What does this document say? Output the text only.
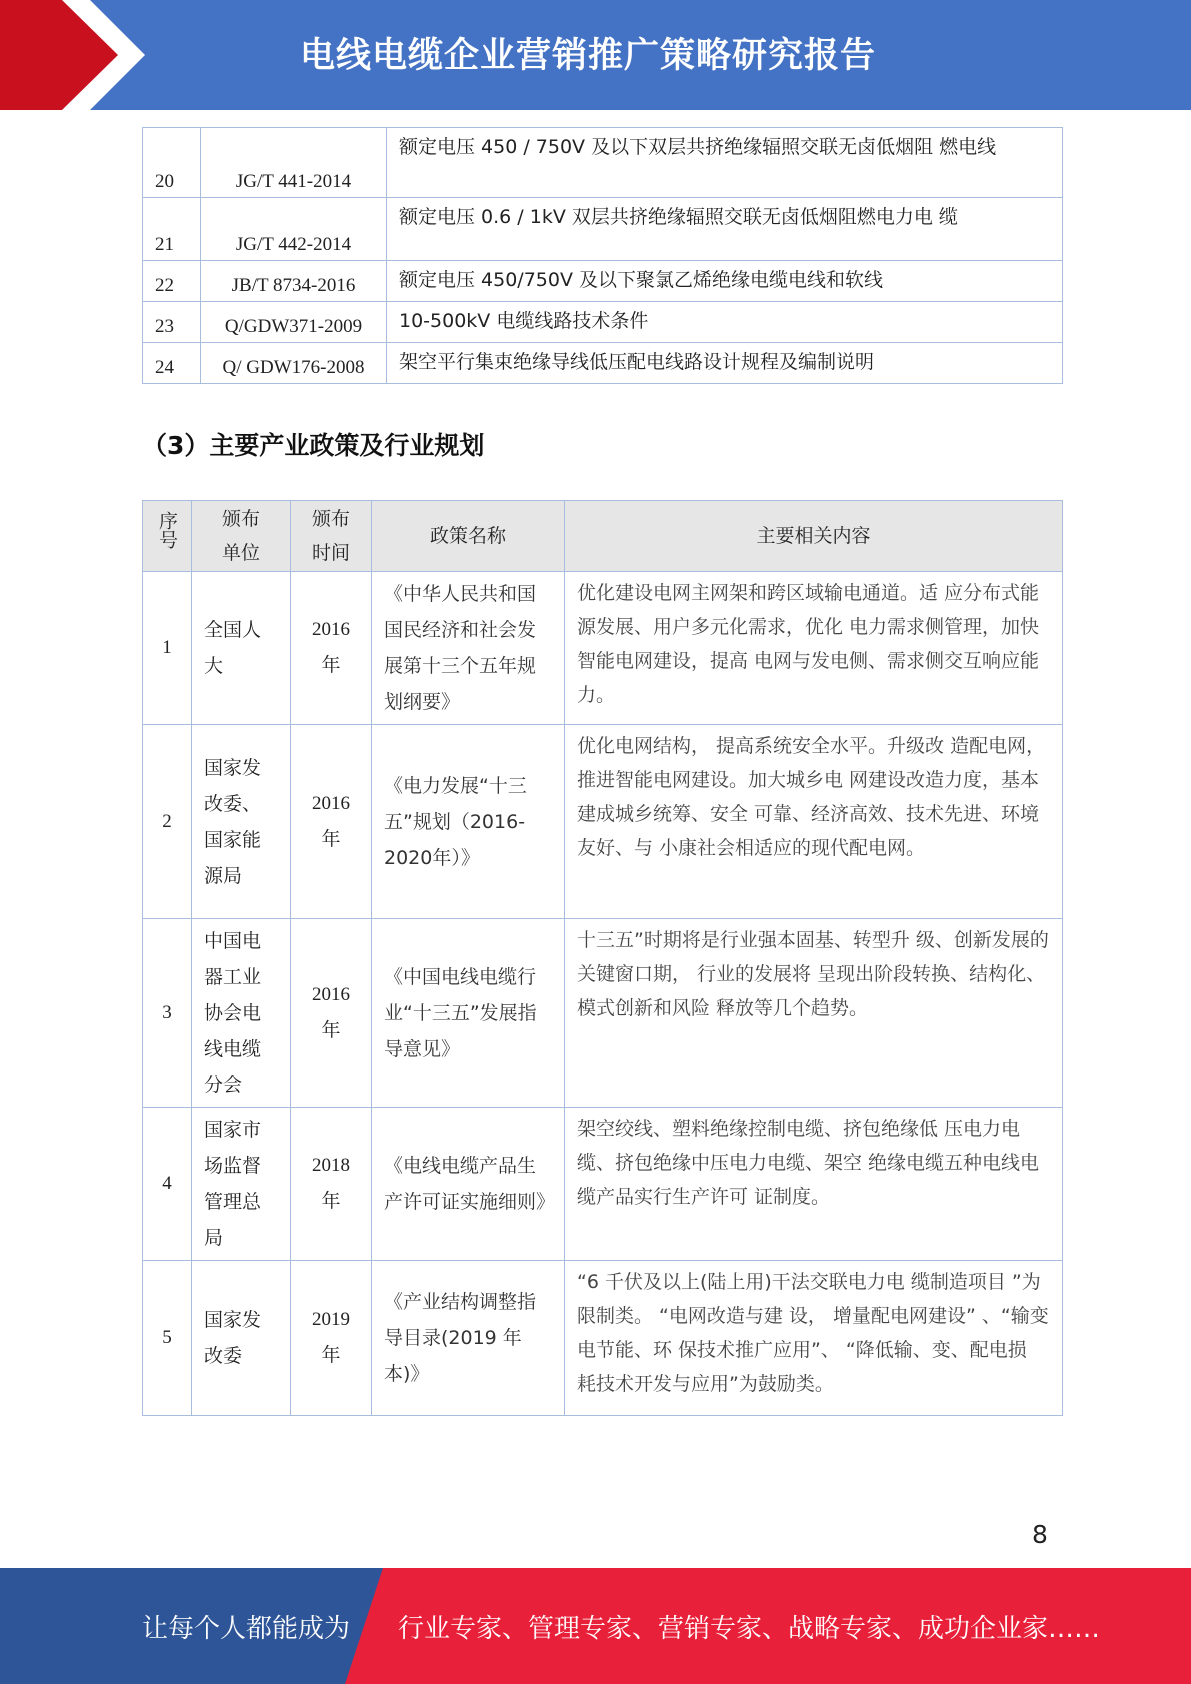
电线电缆企业营销推广策略研究报告
20	JG/T 441-2014	额定电压 450 / 750V 及以下双层共挤绝缘辐照交联无卤低烟阻 燃电线
21	JG/T 442-2014	额定电压 0.6 / 1kV 双层共挤绝缘辐照交联无卤低烟阻燃电力电 缆
22	JB/T 8734-2016	额定电压 450/750V 及以下聚氯乙烯绝缘电缆电线和软线
23	Q/GDW371-2009	10-500kV 电缆线路技术条件
24	Q/ GDW176-2008	架空平行集束绝缘导线低压配电线路设计规程及编制说明
（3）主要产业政策及行业规划
序号	颁布单位	颁布时间	政策名称	主要相关内容
1	全国人大	2016年	《中华人民共和国国民经济和社会发展第十三个五年规划纲要》	优化建设电网主网架和跨区域输电通道。适 应分布式能源发展、用户多元化需求，优化 电力需求侧管理，加快智能电网建设，提高 电网与发电侧、需求侧交互响应能力。
2	国家发改委、国家能源局	2016年	《电力发展“十三五”规划（2016-2020年）》	优化电网结构， 提高系统安全水平。升级改 造配电网， 推进智能电网建设。加大城乡电 网建设改造力度，基本建成城乡统筹、安全 可靠、经济高效、技术先进、环境友好、与 小康社会相适应的现代配电网。
3	中国电器工业协会电线电缆分会	2016年	《中国电线电缆行业“十三五”发展指导意见》	十三五”时期将是行业强本固基、转型升 级、创新发展的关键窗口期， 行业的发展将 呈现出阶段转换、结构化、模式创新和风险 释放等几个趋势。
4	国家市场监督管理总局	2018年	《电线电缆产品生产许可证实施细则》	架空绞线、塑料绝缘控制电缆、挤包绝缘低 压电力电缆、挤包绝缘中压电力电缆、架空 绝缘电缆五种电线电缆产品实行生产许可 证制度。
5	国家发改委	2019年	《产业结构调整指导目录(2019 年本)》	“6 千伏及以上(陆上用)干法交联电力电 缆制造项目 ”为限制类。 “电网改造与建 设， 增量配电网建设” 、“输变电节能、环 保技术推广应用”、 “降低输、变、配电损 耗技术开发与应用”为鼓励类。
8
让每个人都能成为 行业专家、管理专家、营销专家、战略专家、成功企业家……
